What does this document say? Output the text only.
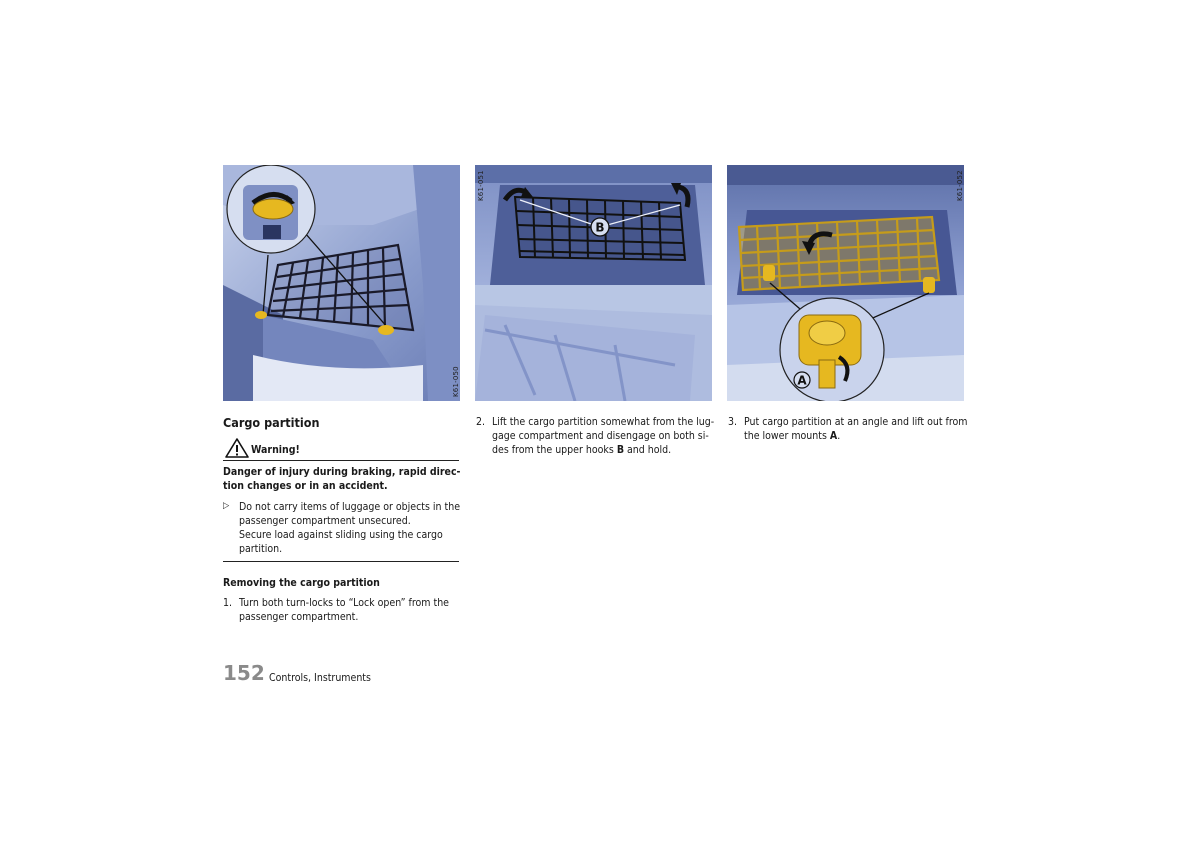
K61-050
B
K61-051
A
K61-052
Cargo partition
Warning!
Danger of injury during braking, rapid direc-
tion changes or in an accident.
▷ Do not carry items of luggage or objects in the
passenger compartment unsecured.
Secure load against sliding using the cargo
partition.
Removing the cargo partition
1. Turn both turn-locks to “Lock open” from the
passenger compartment.
2. Lift the cargo partition somewhat from the lug-
gage compartment and disengage on both si-
des from the upper hooks B and hold.
3. Put cargo partition at an angle and lift out from
the lower mounts A.
152 Controls, Instruments
